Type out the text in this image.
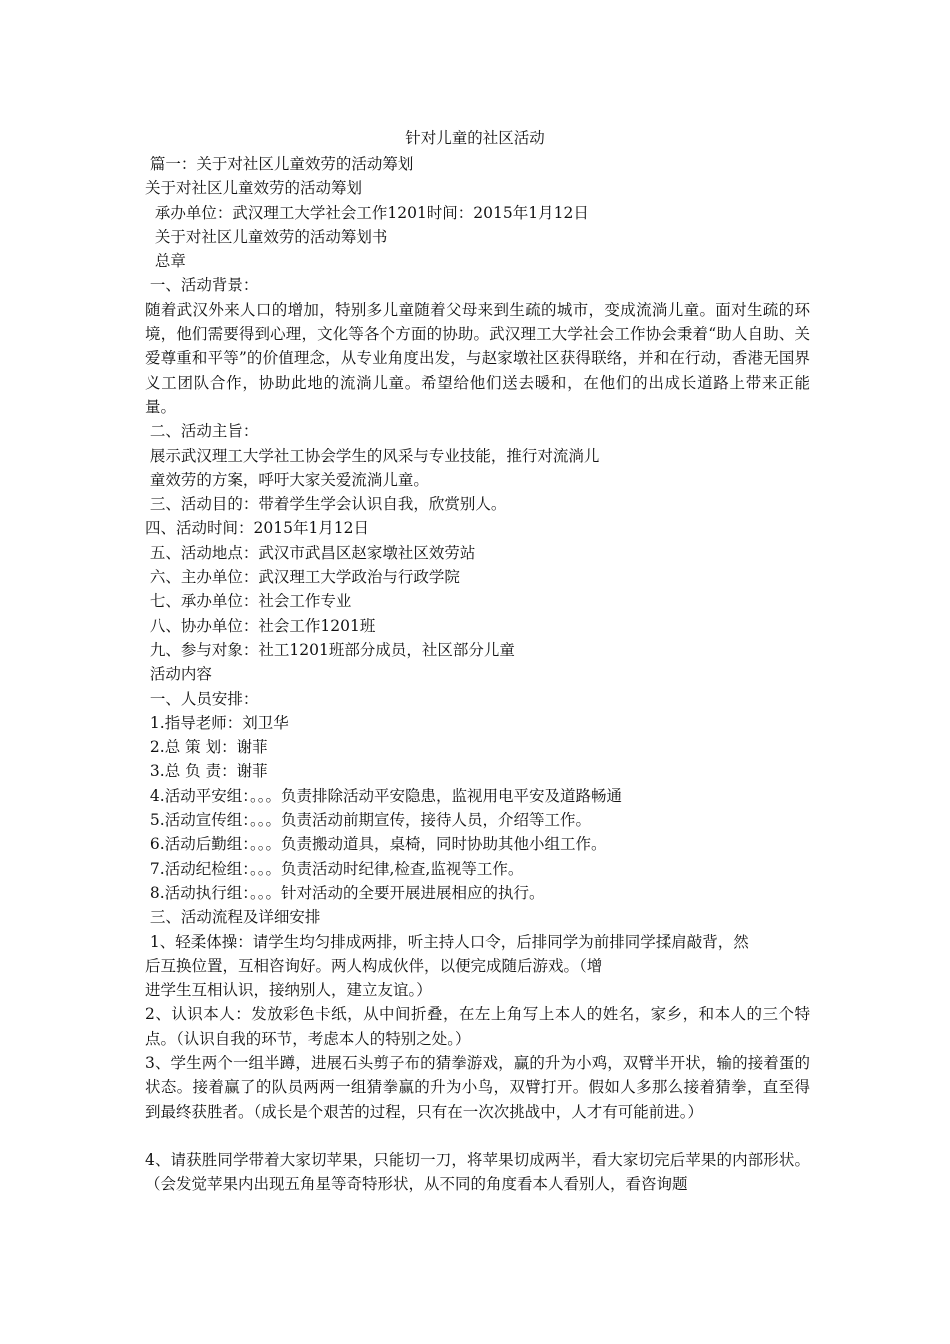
针对儿童的社区活动
篇一：关于对社区儿童效劳的活动筹划
关于对社区儿童效劳的活动筹划
承办单位：武汉理工大学社会工作1201时间：2015年1月12日
关于对社区儿童效劳的活动筹划书
总章
一、活动背景：
随着武汉外来人口的增加，特别多儿童随着父母来到生疏的城市，变成流淌儿童。面对生疏的环境，他们需要得到心理，文化等各个方面的协助。武汉理工大学社会工作协会秉着“助人自助、关爱尊重和平等”的价值理念，从专业角度出发，与赵家墩社区获得联络，并和在行动，香港无国界义工团队合作，协助此地的流淌儿童。希望给他们送去暖和，在他们的出成长道路上带来正能量。
二、活动主旨：
展示武汉理工大学社工协会学生的风采与专业技能，推行对流淌儿
童效劳的方案，呼吁大家关爱流淌儿童。
三、活动目的：带着学生学会认识自我，欣赏别人。
四、活动时间：2015年1月12日
五、活动地点：武汉市武昌区赵家墩社区效劳站
六、主办单位：武汉理工大学政治与行政学院
七、承办单位：社会工作专业
八、协办单位：社会工作1201班
九、参与对象：社工1201班部分成员，社区部分儿童
活动内容
一、人员安排：
1.指导老师：刘卫华
2.总 策 划：谢菲
3.总 负 责：谢菲
4.活动平安组：。。。负责排除活动平安隐患，监视用电平安及道路畅通
5.活动宣传组：。。。负责活动前期宣传，接待人员，介绍等工作。
6.活动后勤组：。。。负责搬动道具，桌椅，同时协助其他小组工作。
7.活动纪检组：。。。负责活动时纪律,检查,监视等工作。
8.活动执行组：。。。针对活动的全要开展进展相应的执行。
三、活动流程及详细安排
1、轻柔体操：请学生均匀排成两排，听主持人口令，后排同学为前排同学揉肩敲背，然
后互换位置，互相咨询好。两人构成伙伴，以便完成随后游戏。（增
进学生互相认识，接纳别人，建立友谊。）
2、认识本人：发放彩色卡纸，从中间折叠，在左上角写上本人的姓名，家乡，和本人的三个特点。（认识自我的环节，考虑本人的特别之处。）
3、学生两个一组半蹲，进展石头剪子布的猜拳游戏，赢的升为小鸡，双臂半开状，输的接着蛋的状态。接着赢了的队员两两一组猜拳赢的升为小鸟，双臂打开。假如人多那么接着猜拳，直至得到最终获胜者。（成长是个艰苦的过程，只有在一次次挑战中，人才有可能前进。）
4、请获胜同学带着大家切苹果，只能切一刀，将苹果切成两半，看大家切完后苹果的内部形状。（会发觉苹果内出现五角星等奇特形状，从不同的角度看本人看别人，看咨询题
